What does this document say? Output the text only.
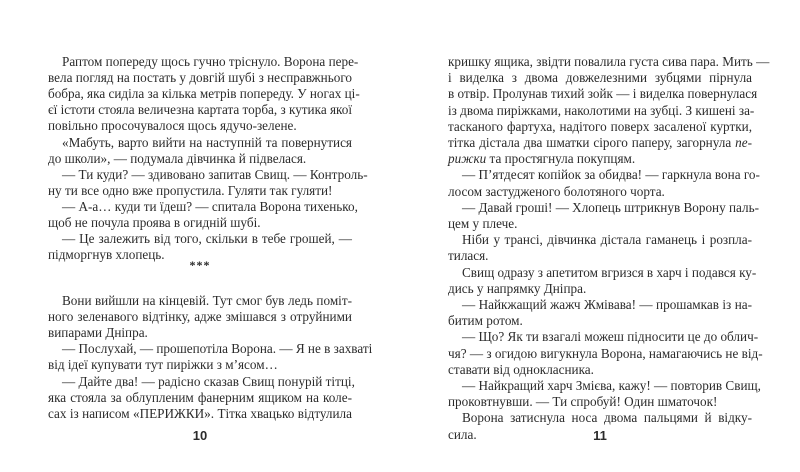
***
10
Раптом попереду щось гучно тріснуло. Ворона пере-
вела погляд на постать у довгій шубі з несправжнього
бобра, яка сиділа за кілька метрів попереду. У ногах ці-
єї істоти стояла величезна картата торба, з кутика якої
повільно просочувалося щось ядучо-зелене.
«Мабуть, варто вийти на наступній та повернутися
до школи», — подумала дівчинка й підвелася.
— Ти куди? — здивовано запитав Свищ. — Контроль-
ну ти все одно вже пропустила. Гуляти так гуляти!
— А-а… куди ти їдеш? — спитала Ворона тихенько,
щоб не почула проява в огидній шубі.
— Це залежить від того, скільки в тебе грошей, —
підморгнув хлопець.
Вони вийшли на кінцевій. Тут смог був ледь поміт-
ного зеленавого відтінку, адже змішався з отруйними
випарами Дніпра.
— Послухай, — прошепотіла Ворона. — Я не в захваті
від ідеї купувати тут пиріжки з м’ясом…
— Дайте два! — радісно сказав Свищ понурій тітці,
яка стояла за облупленим фанерним ящиком на коле-
сах із написом «ПЕРИЖКИ». Тітка хвацько відтулила
11
кришку ящика, звідти повалила густа сива пара. Мить —
і виделка з двома довжелезними зубцями пірнула
в отвір. Пролунав тихий зойк — і виделка повернулася
із двома пиріжками, наколотими на зубці. З кишені за-
тасканого фартуха, надітого поверх засаленої куртки,
тітка дістала два шматки сірого паперу, загорнула пе-
рижки та простягнула покупцям.
— П’ятдесят копійок за обидва! — гаркнула вона го-
лосом застудженого болотяного чорта.
— Давай гроші! — Хлопець штрикнув Ворону паль-
цем у плече.
Ніби у трансі, дівчинка дістала гаманець і розпла-
тилася.
Свищ одразу з апетитом вгризся в харч і подався ку-
дись у напрямку Дніпра.
— Найкжащий жажч Жмівава! — прошамкав із на-
битим ротом.
— Що? Як ти взагалі можеш підносити це до облич-
чя? — з огидою вигукнула Ворона, намагаючись не від-
ставати від однокласника.
— Найкращий харч Змієва, кажу! — повторив Свищ,
проковтнувши. — Ти спробуй! Один шматочок!
Ворона затиснула носа двома пальцями й відку-
сила.
